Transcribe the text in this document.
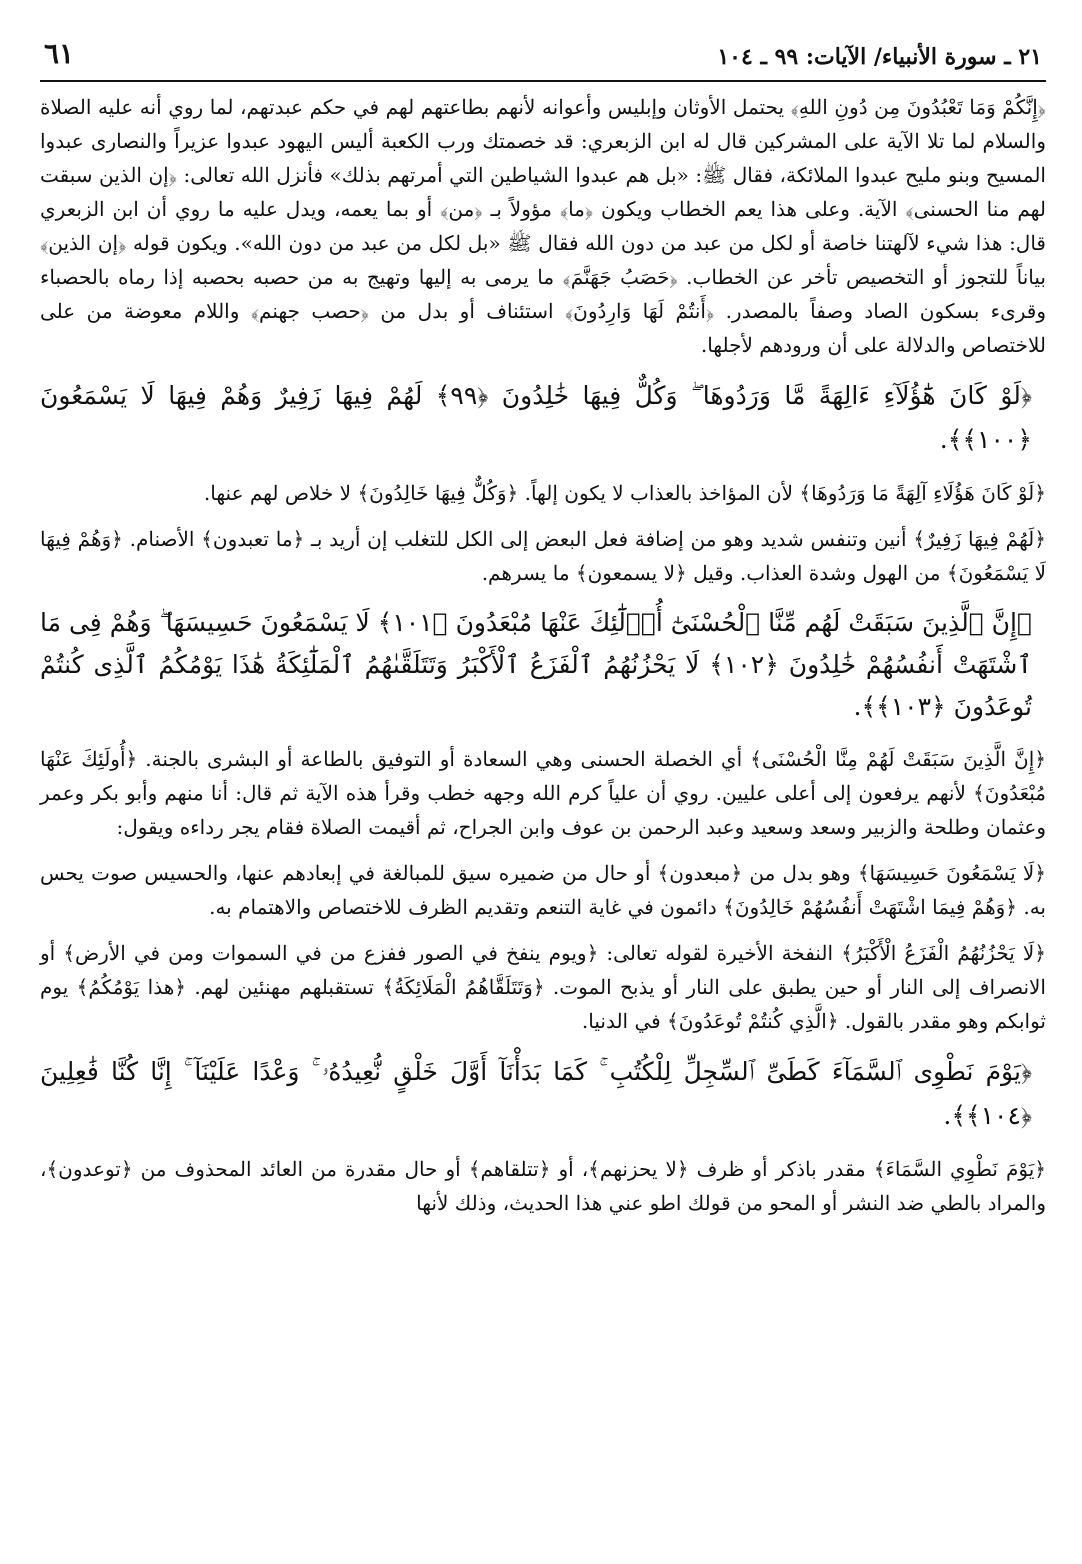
٢١ ـ سورة الأنبياء/ الآيات: ٩٩ ـ ١٠٤
٦١

﴿إِنَّكُمْ وَمَا تَعْبُدُونَ مِن دُونِ اللهِ﴾ يحتمل الأوثان وإبليس وأعوانه لأنهم بطاعتهم لهم في حكم عبدتهم، لما روي أنه عليه الصلاة والسلام لما تلا الآية على المشركين قال له ابن الزبعري: قد خصمتك ورب الكعبة أليس اليهود عبدوا عزيراً والنصارى عبدوا المسيح وبنو مليح عبدوا الملائكة، فقال ﷺ: «بل هم عبدوا الشياطين التي أمرتهم بذلك» فأنزل الله تعالى: ﴿إن الذين سبقت لهم منا الحسنى﴾ الآية. وعلى هذا يعم الخطاب ويكون ﴿ما﴾ مؤولاً بـ ﴿من﴾ أو بما يعمه، ويدل عليه ما روي أن ابن الزبعري قال: هذا شيء لآلهتنا خاصة أو لكل من عبد من دون الله فقال ﷺ «بل لكل من عبد من دون الله». ويكون قوله ﴿إن الذين﴾ بياناً للتجوز أو التخصيص تأخر عن الخطاب. ﴿حَصَبُ جَهَنَّمَ﴾ ما يرمى به إليها وتهيج به من حصبه بحصبه إذا رماه بالحصباء وقرىء بسكون الصاد وصفاً بالمصدر. ﴿أَنتُمْ لَهَا وَارِدُونَ﴾ استئناف أو بدل من ﴿حصب جهنم﴾ واللام معوضة من على للاختصاص والدلالة على أن ورودهم لأجلها.

﴿لَوْ كَانَ هَٰٓؤُلَآءِ ءَالِهَةً مَّا وَرَدُوهَا ۖ وَكُلٌّ فِيهَا خَٰلِدُونَ ﴿٩٩﴾ لَهُمْ فِيهَا زَفِيرٌ وَهُمْ فِيهَا لَا يَسْمَعُونَ ﴿١٠٠﴾﴾.

﴿لَوْ كَانَ هَؤُلَاءِ آلِهَةً مَا وَرَدُوهَا﴾ لأن المؤاخذ بالعذاب لا يكون إلهاً. ﴿وَكُلٌّ فِيهَا خَالِدُونَ﴾ لا خلاص لهم عنها.

﴿لَهُمْ فِيهَا زَفِيرٌ﴾ أنين وتنفس شديد وهو من إضافة فعل البعض إلى الكل للتغلب إن أريد بـ ﴿ما تعبدون﴾ الأصنام. ﴿وَهُمْ فِيهَا لَا يَسْمَعُونَ﴾ من الهول وشدة العذاب. وقيل ﴿لا يسمعون﴾ ما يسرهم.

﴿إِنَّ ٱلَّذِينَ سَبَقَتْ لَهُم مِّنَّا ٱلْحُسْنَىٰٓ أُو۟لَٰٓئِكَ عَنْهَا مُبْعَدُونَ ﴿١٠١﴾ لَا يَسْمَعُونَ حَسِيسَهَا ۖ وَهُمْ فِى مَا ٱشْتَهَتْ أَنفُسُهُمْ خَٰلِدُونَ ﴿١٠٢﴾ لَا يَحْزُنُهُمُ ٱلْفَزَعُ ٱلْأَكْبَرُ وَتَتَلَقَّىٰهُمُ ٱلْمَلَٰٓئِكَةُ هَٰذَا يَوْمُكُمُ ٱلَّذِى كُنتُمْ تُوعَدُونَ ﴿١٠٣﴾﴾.

﴿إِنَّ الَّذِينَ سَبَقَتْ لَهُمْ مِنَّا الْحُسْنَى﴾ أي الخصلة الحسنى وهي السعادة أو التوفيق بالطاعة أو البشرى بالجنة. ﴿أُولَئِكَ عَنْهَا مُبْعَدُونَ﴾ لأنهم يرفعون إلى أعلى عليين. روي أن علياً كرم الله وجهه خطب وقرأ هذه الآية ثم قال: أنا منهم وأبو بكر وعمر وعثمان وطلحة والزبير وسعد وسعيد وعبد الرحمن بن عوف وابن الجراح، ثم أقيمت الصلاة فقام يجر رداءه ويقول:

﴿لَا يَسْمَعُونَ حَسِيسَهَا﴾ وهو بدل من ﴿مبعدون﴾ أو حال من ضميره سيق للمبالغة في إبعادهم عنها، والحسيس صوت يحس به. ﴿وَهُمْ فِيمَا اشْتَهَتْ أَنفُسُهُمْ خَالِدُونَ﴾ دائمون في غاية التنعم وتقديم الظرف للاختصاص والاهتمام به.

﴿لَا يَحْزُنُهُمُ الْفَزَعُ الْأَكْبَرُ﴾ النفخة الأخيرة لقوله تعالى: ﴿ويوم ينفخ في الصور ففزع من في السموات ومن في الأرض﴾ أو الانصراف إلى النار أو حين يطبق على النار أو يذبح الموت. ﴿وَتَتَلَقَّاهُمُ الْمَلَائِكَةُ﴾ تستقبلهم مهنئين لهم. ﴿هذا يَوْمُكُمُ﴾ يوم ثوابكم وهو مقدر بالقول. ﴿الَّذِي كُنتُمْ تُوعَدُونَ﴾ في الدنيا.

﴿يَوْمَ نَطْوِى ٱلسَّمَآءَ كَطَىِّ ٱلسِّجِلِّ لِلْكُتُبِ ۚ كَمَا بَدَأْنَآ أَوَّلَ خَلْقٍ نُّعِيدُهُۥ ۚ وَعْدًا عَلَيْنَآ ۚ إِنَّا كُنَّا فَٰعِلِينَ ﴿١٠٤﴾﴾.

﴿يَوْمَ نَطْوِي السَّمَاءَ﴾ مقدر باذكر أو ظرف ﴿لا يحزنهم﴾، أو ﴿تتلقاهم﴾ أو حال مقدرة من العائد المحذوف من ﴿توعدون﴾، والمراد بالطي ضد النشر أو المحو من قولك اطو عني هذا الحديث، وذلك لأنها
